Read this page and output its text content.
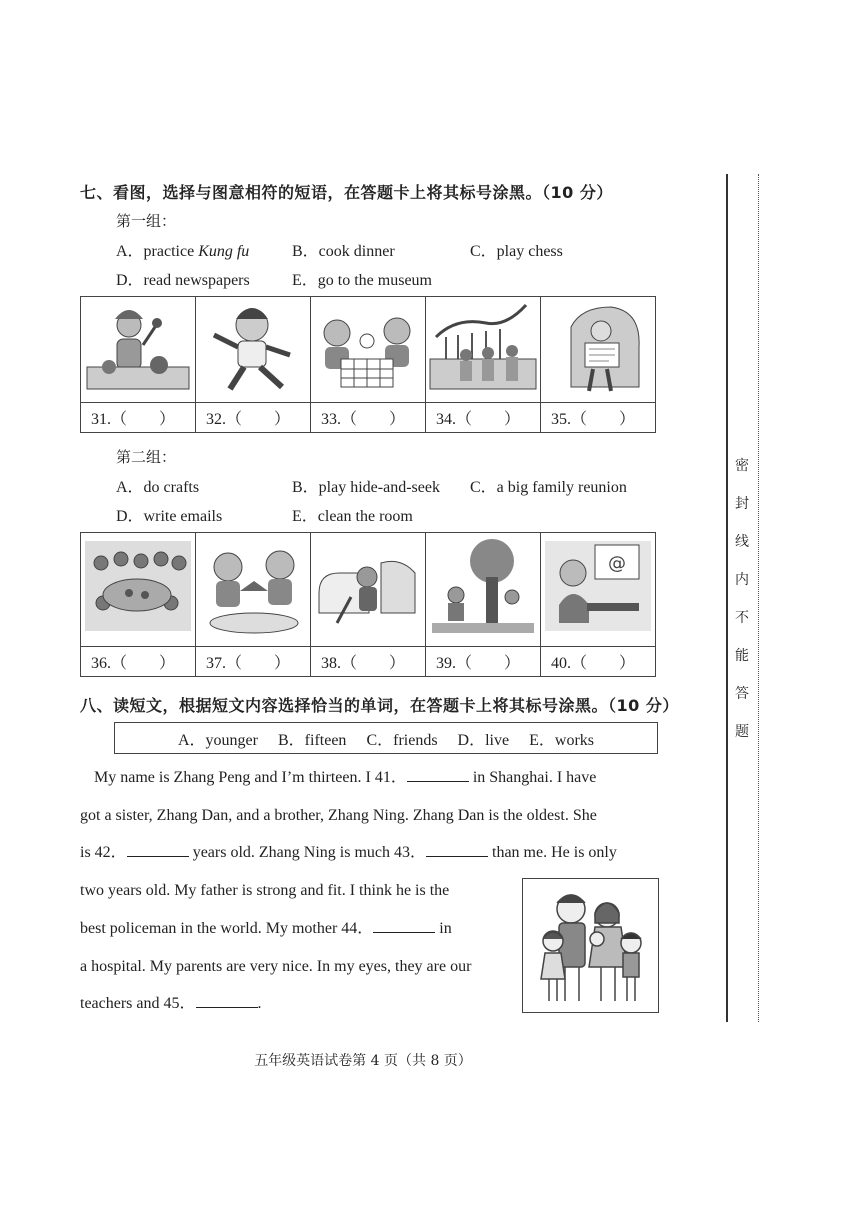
七、看图，选择与图意相符的短语，在答题卡上将其标号涂黑。（10 分）
第一组：
A．practice Kung fu	B．cook dinner	C．play chess
D．read newspapers	E．go to the museum

31.（　　）	32.（　　）	33.（　　）	34.（　　）	35.（　　）
第二组：
A．do crafts	B．play hide-and-seek C．a big family reunion
D．write emails	E．clean the room

@

36.（　　）	37.（　　）	38.（　　）	39.（　　）	40.（　　）
八、读短文，根据短文内容选择恰当的单词，在答题卡上将其标号涂黑。（10 分）
A．younger B．fifteen C．friends D．live E．works
My name is Zhang Peng and I’m thirteen. I 41．	in Shanghai. I have
got a sister, Zhang Dan, and a brother, Zhang Ning. Zhang Dan is the oldest. She
is 42．	years old. Zhang Ning is much 43．	than me. He is only
two years old. My father is strong and fit. I think he is the
best policeman in the world. My mother 44．	in
a hospital. My parents are very nice. In my eyes, they are our
teachers and 45．	.
密
封
线
内
不
能
答
题
五年级英语试卷第 4 页（共 8 页）
